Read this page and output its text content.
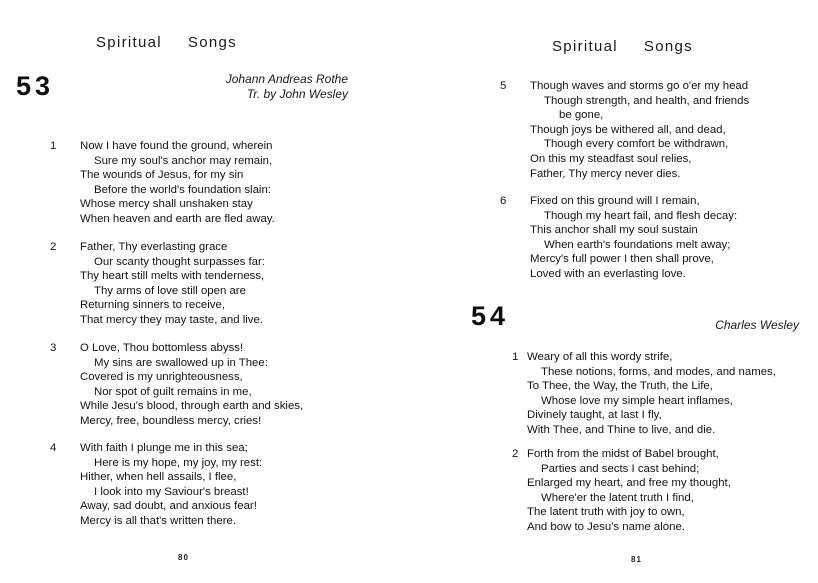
Spiritual Songs
53	Johann Andreas Rothe
Tr. by John Wesley
1 Now I have found the ground, wherein
Sure my soul's anchor may remain,
The wounds of Jesus, for my sin
Before the world's foundation slain:
Whose mercy shall unshaken stay
When heaven and earth are fled away.
2 Father, Thy everlasting grace
Our scanty thought surpasses far:
Thy heart still melts with tenderness,
Thy arms of love still open are
Returning sinners to receive,
That mercy they may taste, and live.
3 O Love, Thou bottomless abyss!
My sins are swallowed up in Thee:
Covered is my unrighteousness,
Nor spot of guilt remains in me,
While Jesu's blood, through earth and skies,
Mercy, free, boundless mercy, cries!
4 With faith I plunge me in this sea;
Here is my hope, my joy, my rest:
Hither, when hell assails, I flee,
I look into my Saviour's breast!
Away, sad doubt, and anxious fear!
Mercy is all that's written there.
80
Spiritual Songs
5 Though waves and storms go o'er my head
Though strength, and health, and friends
be gone,
Though joys be withered all, and dead,
Though every comfort be withdrawn,
On this my steadfast soul relies,
Father, Thy mercy never dies.
6 Fixed on this ground will I remain,
Though my heart fail, and flesh decay:
This anchor shall my soul sustain
When earth's foundations melt away;
Mercy's full power I then shall prove,
Loved with an everlasting love.
54	Charles Wesley
1 Weary of all this wordy strife,
These notions, forms, and modes, and names,
To Thee, the Way, the Truth, the Life,
Whose love my simple heart inflames,
Divinely taught, at last I fly,
With Thee, and Thine to live, and die.
2 Forth from the midst of Babel brought,
Parties and sects I cast behind;
Enlarged my heart, and free my thought,
Where'er the latent truth I find,
The latent truth with joy to own,
And bow to Jesu's name alone.
81
